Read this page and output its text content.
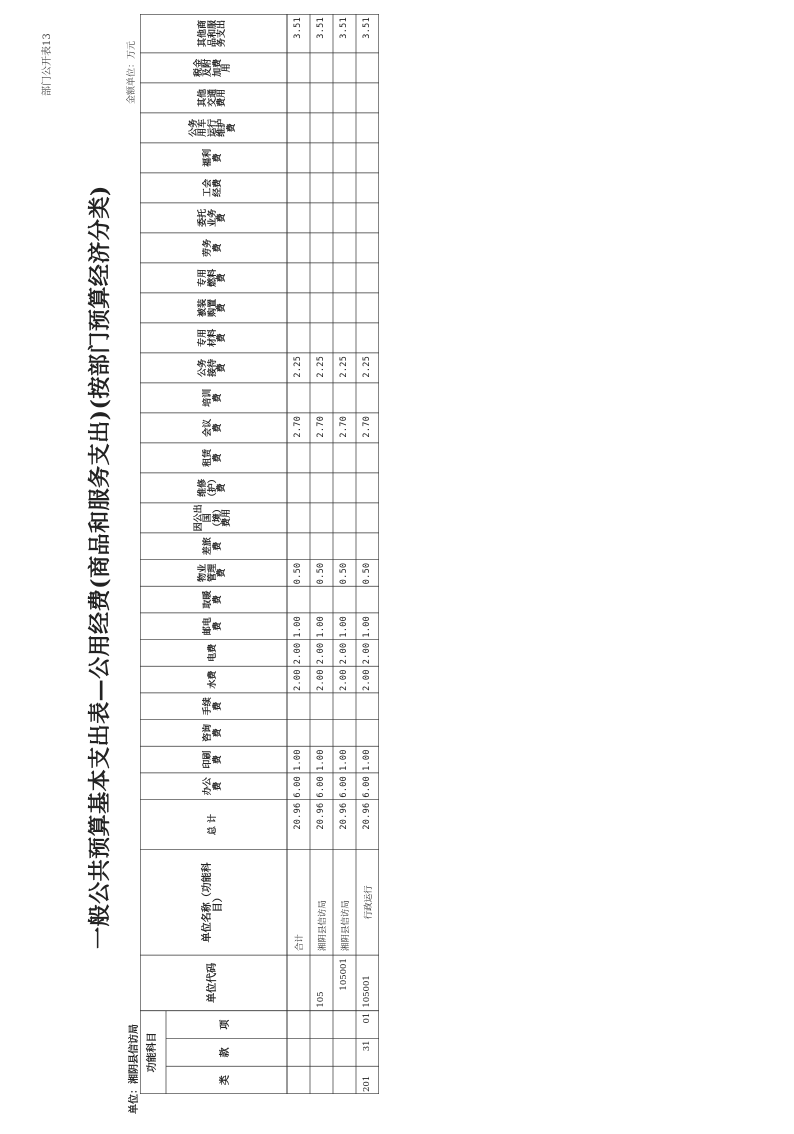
部门公开表13
一般公共预算基本支出表—公用经费(商品和服务支出)(按部门预算经济分类)
单位：湘阴县信访局
金额单位：万元
功能科目
类
款
项
单位代码
单位名称（功能科目）
总 计
办公费
印刷费
咨询费
手续费
水费
电费
邮电费
取暖费
物业管理费
差旅费
因公出国（境）费用
维修（护）费
租赁费
会议费
培训费
公务接待费
专用材料费
被装购置费
专用燃料费
劳务费
委托业务费
工会经费
福利费
公务用车运行维护费
其他交通费用
税金及附加费用
其他商品和服务支出
合计
20.96
6.00
1.00
2.00
2.00
1.00
0.50
2.70
2.25
3.51
105
湘阴县信访局
20.96
6.00
1.00
2.00
2.00
1.00
0.50
2.70
2.25
3.51
105001
湘阴县信访局
20.96
6.00
1.00
2.00
2.00
1.00
0.50
2.70
2.25
3.51
201
31
01
105001
行政运行
20.96
6.00
1.00
2.00
2.00
1.00
0.50
2.70
2.25
3.51
